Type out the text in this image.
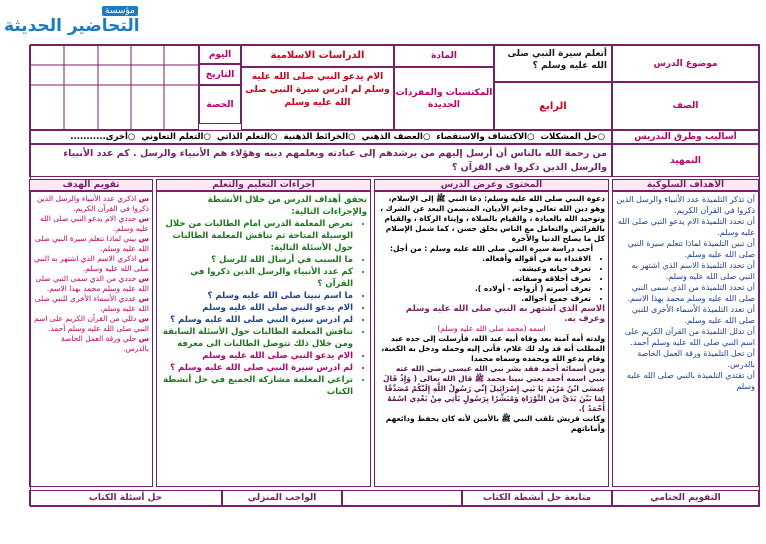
مؤسسة
التحاضير الحديثة
موضوع الدرس
أتعلم سيرة النبي صلى الله عليه وسلم ؟
المادة
الدراسات الاسلامية
اليوم
التاريخ
الحصة	الصف
الرابع
المكتسبات والمفردات الجديدة
الام يدعو النبي صلى الله عليه وسلم لم ادرس سيرة النبي صلى الله عليه وسلم
أساليب وطرق التدريس
○حل المشكلات
○الاكتشاف والاستقصاء
○العصف الذهني
○الخرائط الذهنية
○التعلم الذاتي
○التعلم التعاوني
○أخرى...........
التمهيد
من رحمة الله بالناس أن أرسل إليهم من يرشدهم إلى عبادته ويعلمهم دينه وهؤلاء هم الأنبياء والرسل . كم عدد الأنبياء والرسل الذين ذكروا في القرآن ؟
الأهداف السلوكية
المحتوى وعرض الدرس
اجراءات التعليم والتعلم
تقويم الهدف

أن تذكر التلميذة عدد الأنبياء والرسل الذين ذكروا في القرآن الكريم.

أن تحدد التلميذة الام يدعو النبي صلى الله عليه وسلم.

أن تبين التلميذة لماذا تتعلم سيرة النبي صلى الله عليه وسلم.

أن تحدد التلميذة الاسم الذي اشتهر به النبي صلى الله عليه وسلم.

أن تحدد التلميذة من الذي سمى النبي صلى الله عليه وسلم محمد بهذا الاسم.

أن تعدد التلميذة الأسماء الأخرى للنبي صلى الله عليه وسلم.

أن تدلل التلميذة من القرآن الكريم على اسم النبي صلى الله عليه وسلم أحمد.

أن تحل التلميذة ورقة العمل الخاصة بالدرس.

أن تقتدي التلميذة بالنبي صلى الله عليه وسلم

دعوة النبي صلى الله عليه وسلم: دعا النبي ﷺ إلى الإسلام، وهو دين الله تعالى وخاتم الأديان، المتضمن البعد عن الشرك ، وتوحيد الله بالعبادة ، والقيام بالصلاة ، وإيتاء الزكاة ، والقيام بالفرائض والتعامل مع الناس بخلق حسن ، كما شمل الإسلام كل ما يصلح الدنيا والآخرة

أحب دراسة سيرة النبي صلى الله عليه وسلم : من أجل:

• الاقتداء به في أقواله وأفعاله.
• تعرف حياته وعيشه.
• تعرف أخلاقه وصفاته.
• تعرف أسرته ( أزواجه - أولاده ).
• تعرف جميع أحواله.

الاسم الذي اشتهر به النبي صلى الله عليه وسلم وعرف به.

اسمه (محمد صلى الله عليه وسلم)

ولدته أمه آمنة بعد وفاة أبيه عبد الله، فأرسلت إلى جده عبد المطلب أنه قد ولد لك غلام، فأتى إليه وحمله ودخل به الكعبة، وقام يدعو الله ويحمده وسماه محمدا

ومن أسمائه أحمد فقد بشر نبي الله عيسى رضي الله عنه بنبي اسمه أحمد يعني نبينا محمد ﷺ قال الله تعالى ( وَإِذْ قَالَ عِيسَى ابْنُ مَرْيَمَ يَا بَنِي إِسْرَائِيلَ إِنِّي رَسُولُ اللَّهِ إِلَيْكُمْ مُصَدِّقًا لِمَا بَيْنَ يَدَيَّ مِنَ التَّوْرَاةِ وَمُبَشِّرًا بِرَسُولٍ يَأْتِي مِنْ بَعْدِي اسْمُهُ أَحْمَدُ ).

وكانت قريش تلقب النبي ﷺ بالأمين لأنه كان يحفظ ودائعهم وأماناتهم

تحقق أهداف الدرس من خلال الأنشطة والإجراءات التالية:

• تعرض المعلمة الدرس امام الطالبات من خلال الوسيلة المتاحة ثم تناقش المعلمة الطالبات حول الأسئلة التالية:
• ما السبب في أرسال الله للرسل ؟
• كم عدد الأنبياء والرسل الذين ذكروا في القرآن ؟
• ما اسم نبينا صلى الله عليه وسلم ؟
• الام يدعو النبي صلى الله عليه وسلم
• لم ادرس سيرة النبي صلى الله عليه وسلم ؟
• تناقش المعلمة الطالبات حول الأسئلة السابقة ومن خلال ذلك تتوصل الطالبات الى معرفة
• الام يدعو النبي صلى الله عليه وسلم
• لم ادرس سيرة النبي صلى الله عليه وسلم ؟
• تراعي المعلمة مشاركة الجميع في حل أنشطة الكتاب

س اذكري عدد الأنبياء والرسل الذين ذكروا في القرآن الكريم.

س حددي الام يدعو النبي صلى الله عليه وسلم.

س بيني لماذا نتعلم سيرة النبي صلى الله عليه وسلم.

س اذكري الاسم الذي اشتهر به النبي صلى الله عليه وسلم.

س حددي من الذي سمى النبي صلى الله عليه وسلم محمد بهذا الاسم.

س عددي الأسماء الأخرى للنبي صلى الله عليه وسلم.

س دللي من القرآن الكريم على اسم النبي صلى الله عليه وسلم أحمد.

س حلي ورقة العمل الخاصة بالدرس.

التقويم الختامي
متابعة حل أنشطة الكتاب
الواجب المنزلي
حل أسئلة الكتاب
